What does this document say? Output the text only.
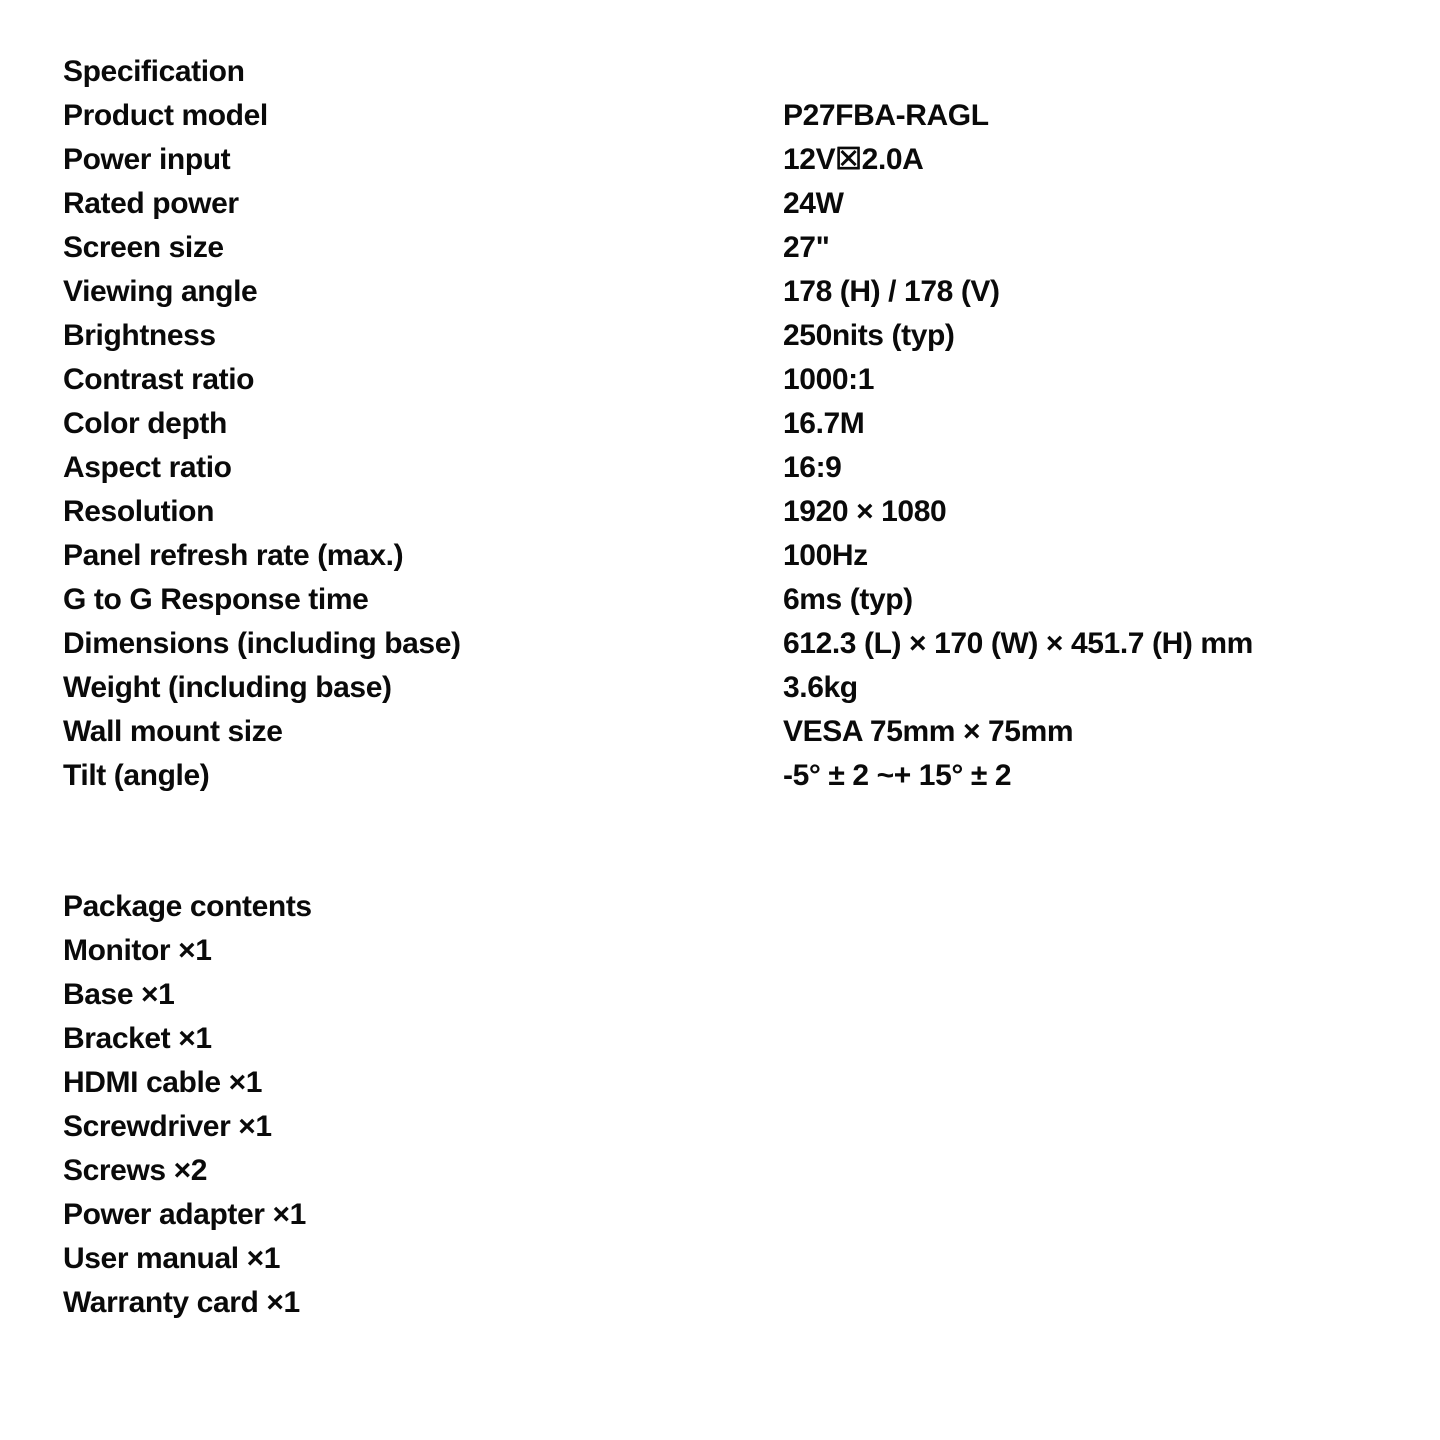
Specification
Product model	P27FBA-RAGL
Power input	12V☒2.0A
Rated power	24W
Screen size	27"
Viewing angle	178 (H) / 178 (V)
Brightness	250nits (typ)
Contrast ratio	1000:1
Color depth	16.7M
Aspect ratio	16:9
Resolution	1920 × 1080
Panel refresh rate (max.)	100Hz
G to G Response time	6ms (typ)
Dimensions (including base)	612.3 (L) × 170 (W) × 451.7 (H) mm
Weight (including base)	3.6kg
Wall mount size	VESA 75mm × 75mm
Tilt (angle)	-5° ± 2 ~+ 15° ± 2
Package contents
Monitor ×1
Base ×1
Bracket ×1
HDMI cable ×1
Screwdriver ×1
Screws ×2
Power adapter ×1
User manual ×1
Warranty card ×1
